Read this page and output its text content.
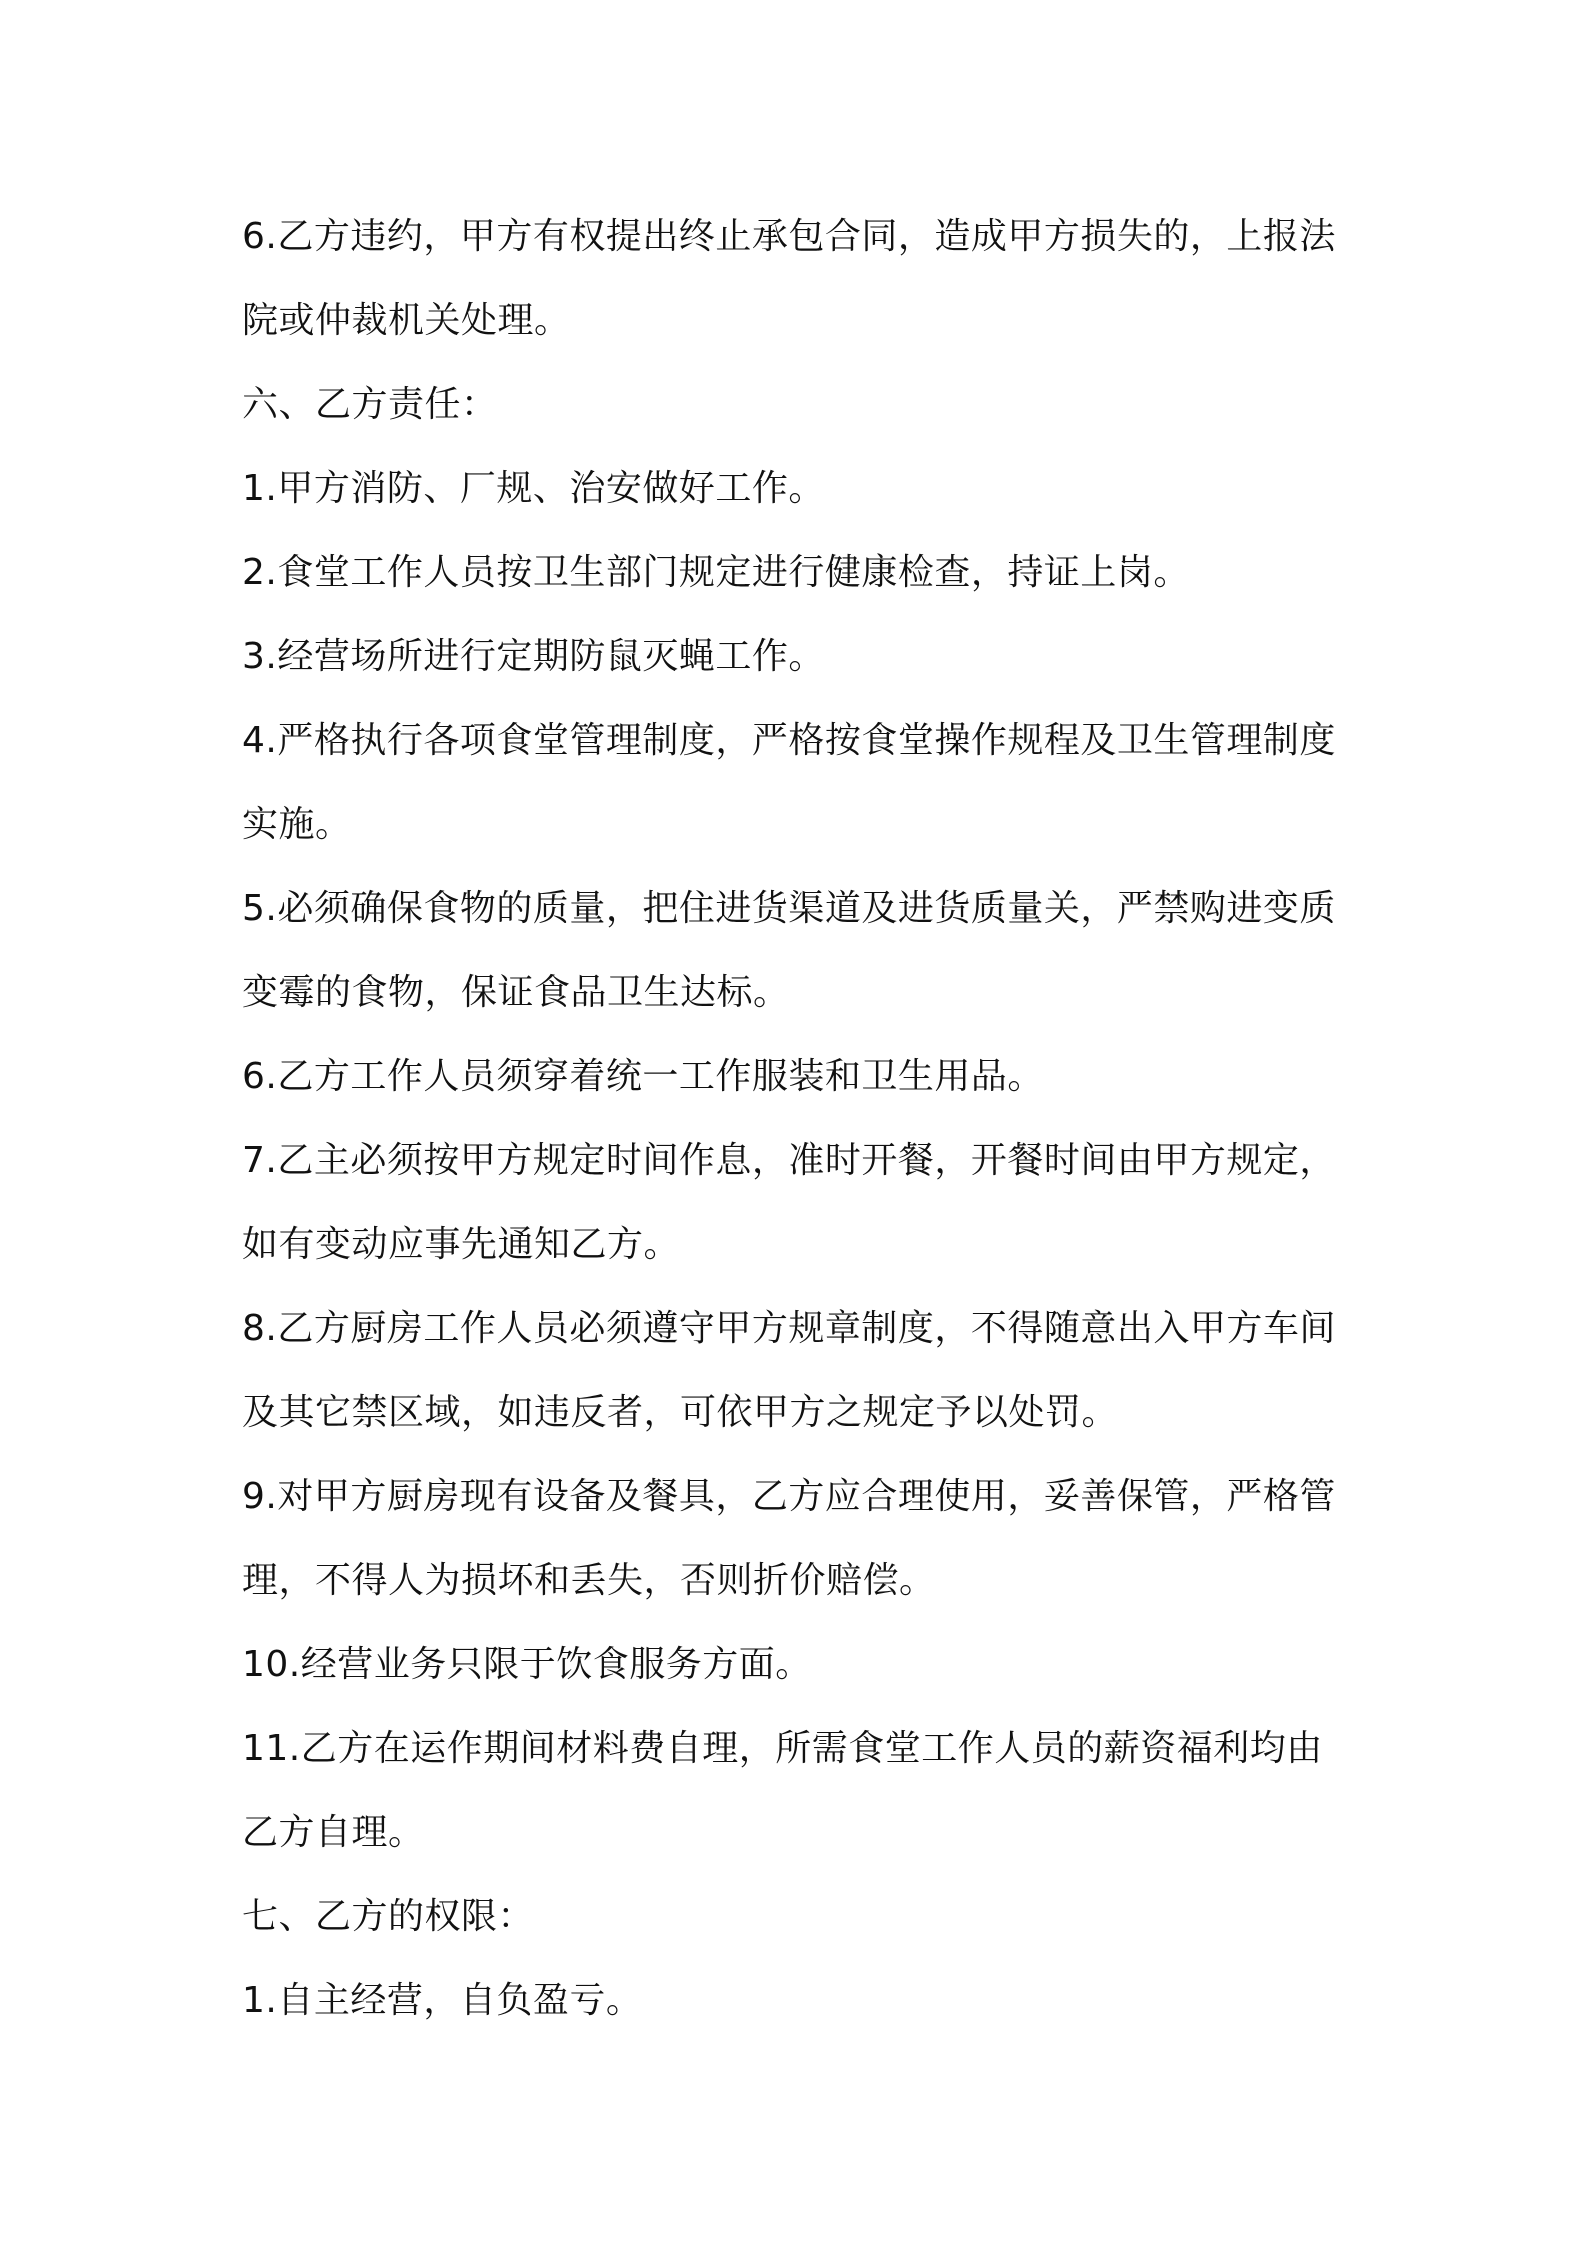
6.乙方违约，甲方有权提出终止承包合同，造成甲方损失的，上报法
院或仲裁机关处理。
六、乙方责任：
1.甲方消防、厂规、治安做好工作。
2.食堂工作人员按卫生部门规定进行健康检查，持证上岗。
3.经营场所进行定期防鼠灭蝇工作。
4.严格执行各项食堂管理制度，严格按食堂操作规程及卫生管理制度
实施。
5.必须确保食物的质量，把住进货渠道及进货质量关，严禁购进变质
变霉的食物，保证食品卫生达标。
6.乙方工作人员须穿着统一工作服装和卫生用品。
7.乙主必须按甲方规定时间作息，准时开餐，开餐时间由甲方规定，
如有变动应事先通知乙方。
8.乙方厨房工作人员必须遵守甲方规章制度，不得随意出入甲方车间
及其它禁区域，如违反者，可依甲方之规定予以处罚。
9.对甲方厨房现有设备及餐具，乙方应合理使用，妥善保管，严格管
理，不得人为损坏和丢失，否则折价赔偿。
10.经营业务只限于饮食服务方面。
11.乙方在运作期间材料费自理，所需食堂工作人员的薪资福利均由
乙方自理。
七、乙方的权限：
1.自主经营，自负盈亏。
